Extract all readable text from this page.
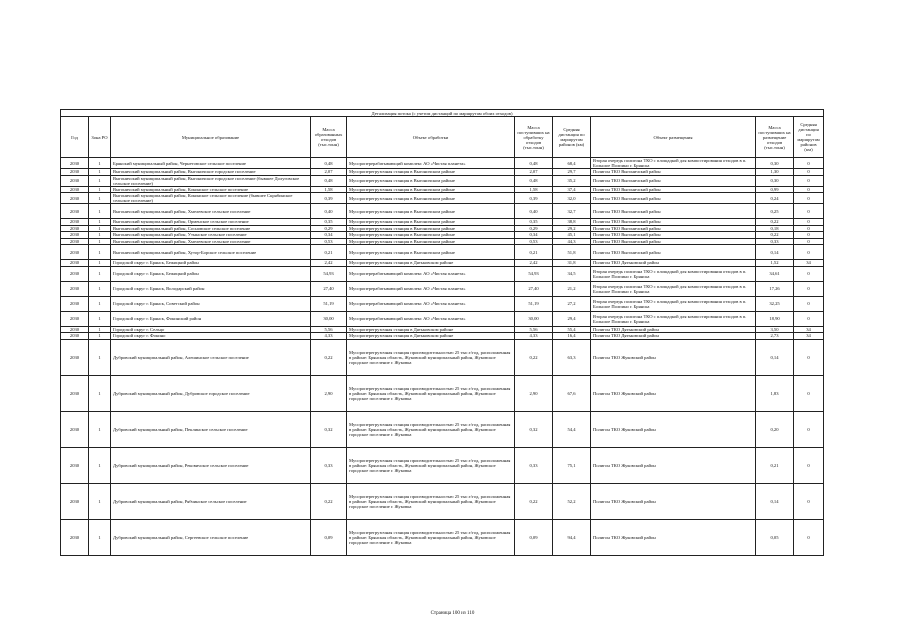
Детализация потока (с учетом дистанций по маршрутам обоих отходов)									
Год	Зона РО	Муниципальное образование	Масса образованных отходов (тыс.тонн)	Объект обработки	Масса поступивших на обработку отходов (тыс.тонн)	Средняя дистанция по маршрутам районов (км)	Объект размещения	Масса поступивших на размещение отходов (тыс.тонн)	Средняя дистанция по маршрутам районов (км)
2030	1	Брянский муниципальный район, Чернетовское сельское поселение	0,48	Мусороперерабатывающий комплекс АО «Чистая планета»	0,48	68,4	Вторая очередь полигона ТКО с площадкой для компостирования отходов в п. Большое Полпино г. Брянска	0,30	0
2030	1	Выгоничский муниципальный район, Выгоничское городское поселение	2,07	Мусороперегрузочная станция в Выгоничском районе	2,07	29,7	Полигон ТКО Выгоничский район	1,30	0
2030	1	Выгоничский муниципальный район, Выгоничское городское поселение (бывшее Долуговское сельское поселение)	0,48	Мусороперегрузочная станция в Выгоничском районе	0,48	35,2	Полигон ТКО Выгоничский район	0,30	0
2030	1	Выгоничский муниципальный район, Кокинское сельское поселение	1,58	Мусороперегрузочная станция в Выгоничском районе	1,58	37,4	Полигон ТКО Выгоничский район	0,99	0
2030	1	Выгоничский муниципальный район, Кокинское сельское поселение (бывшее Скрябинское сельское поселение)	0,39	Мусороперегрузочная станция в Выгоничском районе	0,39	32,0	Полигон ТКО Выгоничский район	0,24	0
2030	1	Выгоничский муниципальный район, Хмелевское сельское поселение	0,40	Мусороперегрузочная станция в Выгоничском районе	0,40	32,7	Полигон ТКО Выгоничский район	0,25	0
2030	1	Выгоничский муниципальный район, Орменское сельское поселение	0,35	Мусороперегрузочная станция в Выгоничском районе	0,35	38,8	Полигон ТКО Выгоничский район	0,22	0
2030	1	Выгоничский муниципальный район, Сосновское сельское поселение	0,29	Мусороперегрузочная станция в Выгоничском районе	0,29	29,2	Полигон ТКО Выгоничский район	0,18	0
2030	1	Выгоничский муниципальный район, Утынское сельское поселение	0,34	Мусороперегрузочная станция в Выгоничском районе	0,34	45,1	Полигон ТКО Выгоничский район	0,22	0
2030	1	Выгоничский муниципальный район, Хмелевское сельское поселение	0,53	Мусороперегрузочная станция в Выгоничском районе	0,53	44,3	Полигон ТКО Выгоничский район	0,33	0
2030	1	Выгоничский муниципальный район, Хутор-Борское сельское поселение	0,21	Мусороперегрузочная станция в Выгоничском районе	0,21	51,8	Полигон ТКО Выгоничский район	0,14	0
2030	1	Городской округ г. Брянск, Бежицкий район	2,42	Мусороперегрузочная станция в Дятьковском районе	2,42	31,8	Полигон ТКО Дятьковский район	1,52	34
2030	1	Городской округ г. Брянск, Бежицкий район	54,93	Мусороперерабатывающий комплекс АО «Чистая планета»	54,93	34,5	Вторая очередь полигона ТКО с площадкой для компостирования отходов в п. Большое Полпино г. Брянска	34,61	0
2030	1	Городской округ г. Брянск, Володарский район	27,40	Мусороперерабатывающий комплекс АО «Чистая планета»	27,40	21,2	Вторая очередь полигона ТКО с площадкой для компостирования отходов в п. Большое Полпино г. Брянска	17,26	0
2030	1	Городской округ г. Брянск, Советский район	51,19	Мусороперерабатывающий комплекс АО «Чистая планета»	51,19	27,2	Вторая очередь полигона ТКО с площадкой для компостирования отходов в п. Большое Полпино г. Брянска	32,25	0
2030	1	Городской округ г. Брянск, Фокинский район	30,00	Мусороперерабатывающий комплекс АО «Чистая планета»	30,00	29,4	Вторая очередь полигона ТКО с площадкой для компостирования отходов в п. Большое Полпино г. Брянска	18,90	0
2030	1	Городской округ г. Сельцо	5,56	Мусороперегрузочная станция в Дятьковском районе	5,56	55,4	Полигон ТКО Дятьковский район	3,50	34
2030	1	Городской округ г. Фокино	4,33	Мусороперегрузочная станция в Дятьковском районе	4,33	16,4	Полигон ТКО Дятьковский район	2,73	34
2030	1	Дубровский муниципальный район, Алешинское сельское поселение	0,22	Мусороперегрузочная станция производительностью 25 тыс.т/год, расположенная в районе: Брянская область, Жуковский муниципальный район, Жуковское городское поселение г. Жуковка	0,22	63,3	Полигон ТКО Жуковский район	0,14	0
2030	1	Дубровский муниципальный район, Дубровское городское поселение	2,90	Мусороперегрузочная станция производительностью 25 тыс.т/год, расположенная в районе: Брянская область, Жуковский муниципальный район, Жуковское городское поселение г. Жуковка	2,90	67,6	Полигон ТКО Жуковский район	1,83	0
2030	1	Дубровский муниципальный район, Пеклинское сельское поселение	0,32	Мусороперегрузочная станция производительностью 25 тыс.т/год, расположенная в районе: Брянская область, Жуковский муниципальный район, Жуковское городское поселение г. Жуковка	0,32	54,4	Полигон ТКО Жуковский район	0,20	0
2030	1	Дубровский муниципальный район, Рековичское сельское поселение	0,33	Мусороперегрузочная станция производительностью 25 тыс.т/год, расположенная в районе: Брянская область, Жуковский муниципальный район, Жуковское городское поселение г. Жуковка	0,33	75,1	Полигон ТКО Жуковский район	0,21	0
2030	1	Дубровский муниципальный район, Рябчинское сельское поселение	0,22	Мусороперегрузочная станция производительностью 25 тыс.т/год, расположенная в районе: Брянская область, Жуковский муниципальный район, Жуковское городское поселение г. Жуковка	0,22	52,2	Полигон ТКО Жуковский район	0,14	0
2030	1	Дубровский муниципальный район, Сергеевское сельское поселение	0,09	Мусороперегрузочная станция производительностью 25 тыс.т/год, расположенная в районе: Брянская область, Жуковский муниципальный район, Жуковское городское поселение г. Жуковка	0,09	94,4	Полигон ТКО Жуковский район	0,05	0
Страница 100 из 110
